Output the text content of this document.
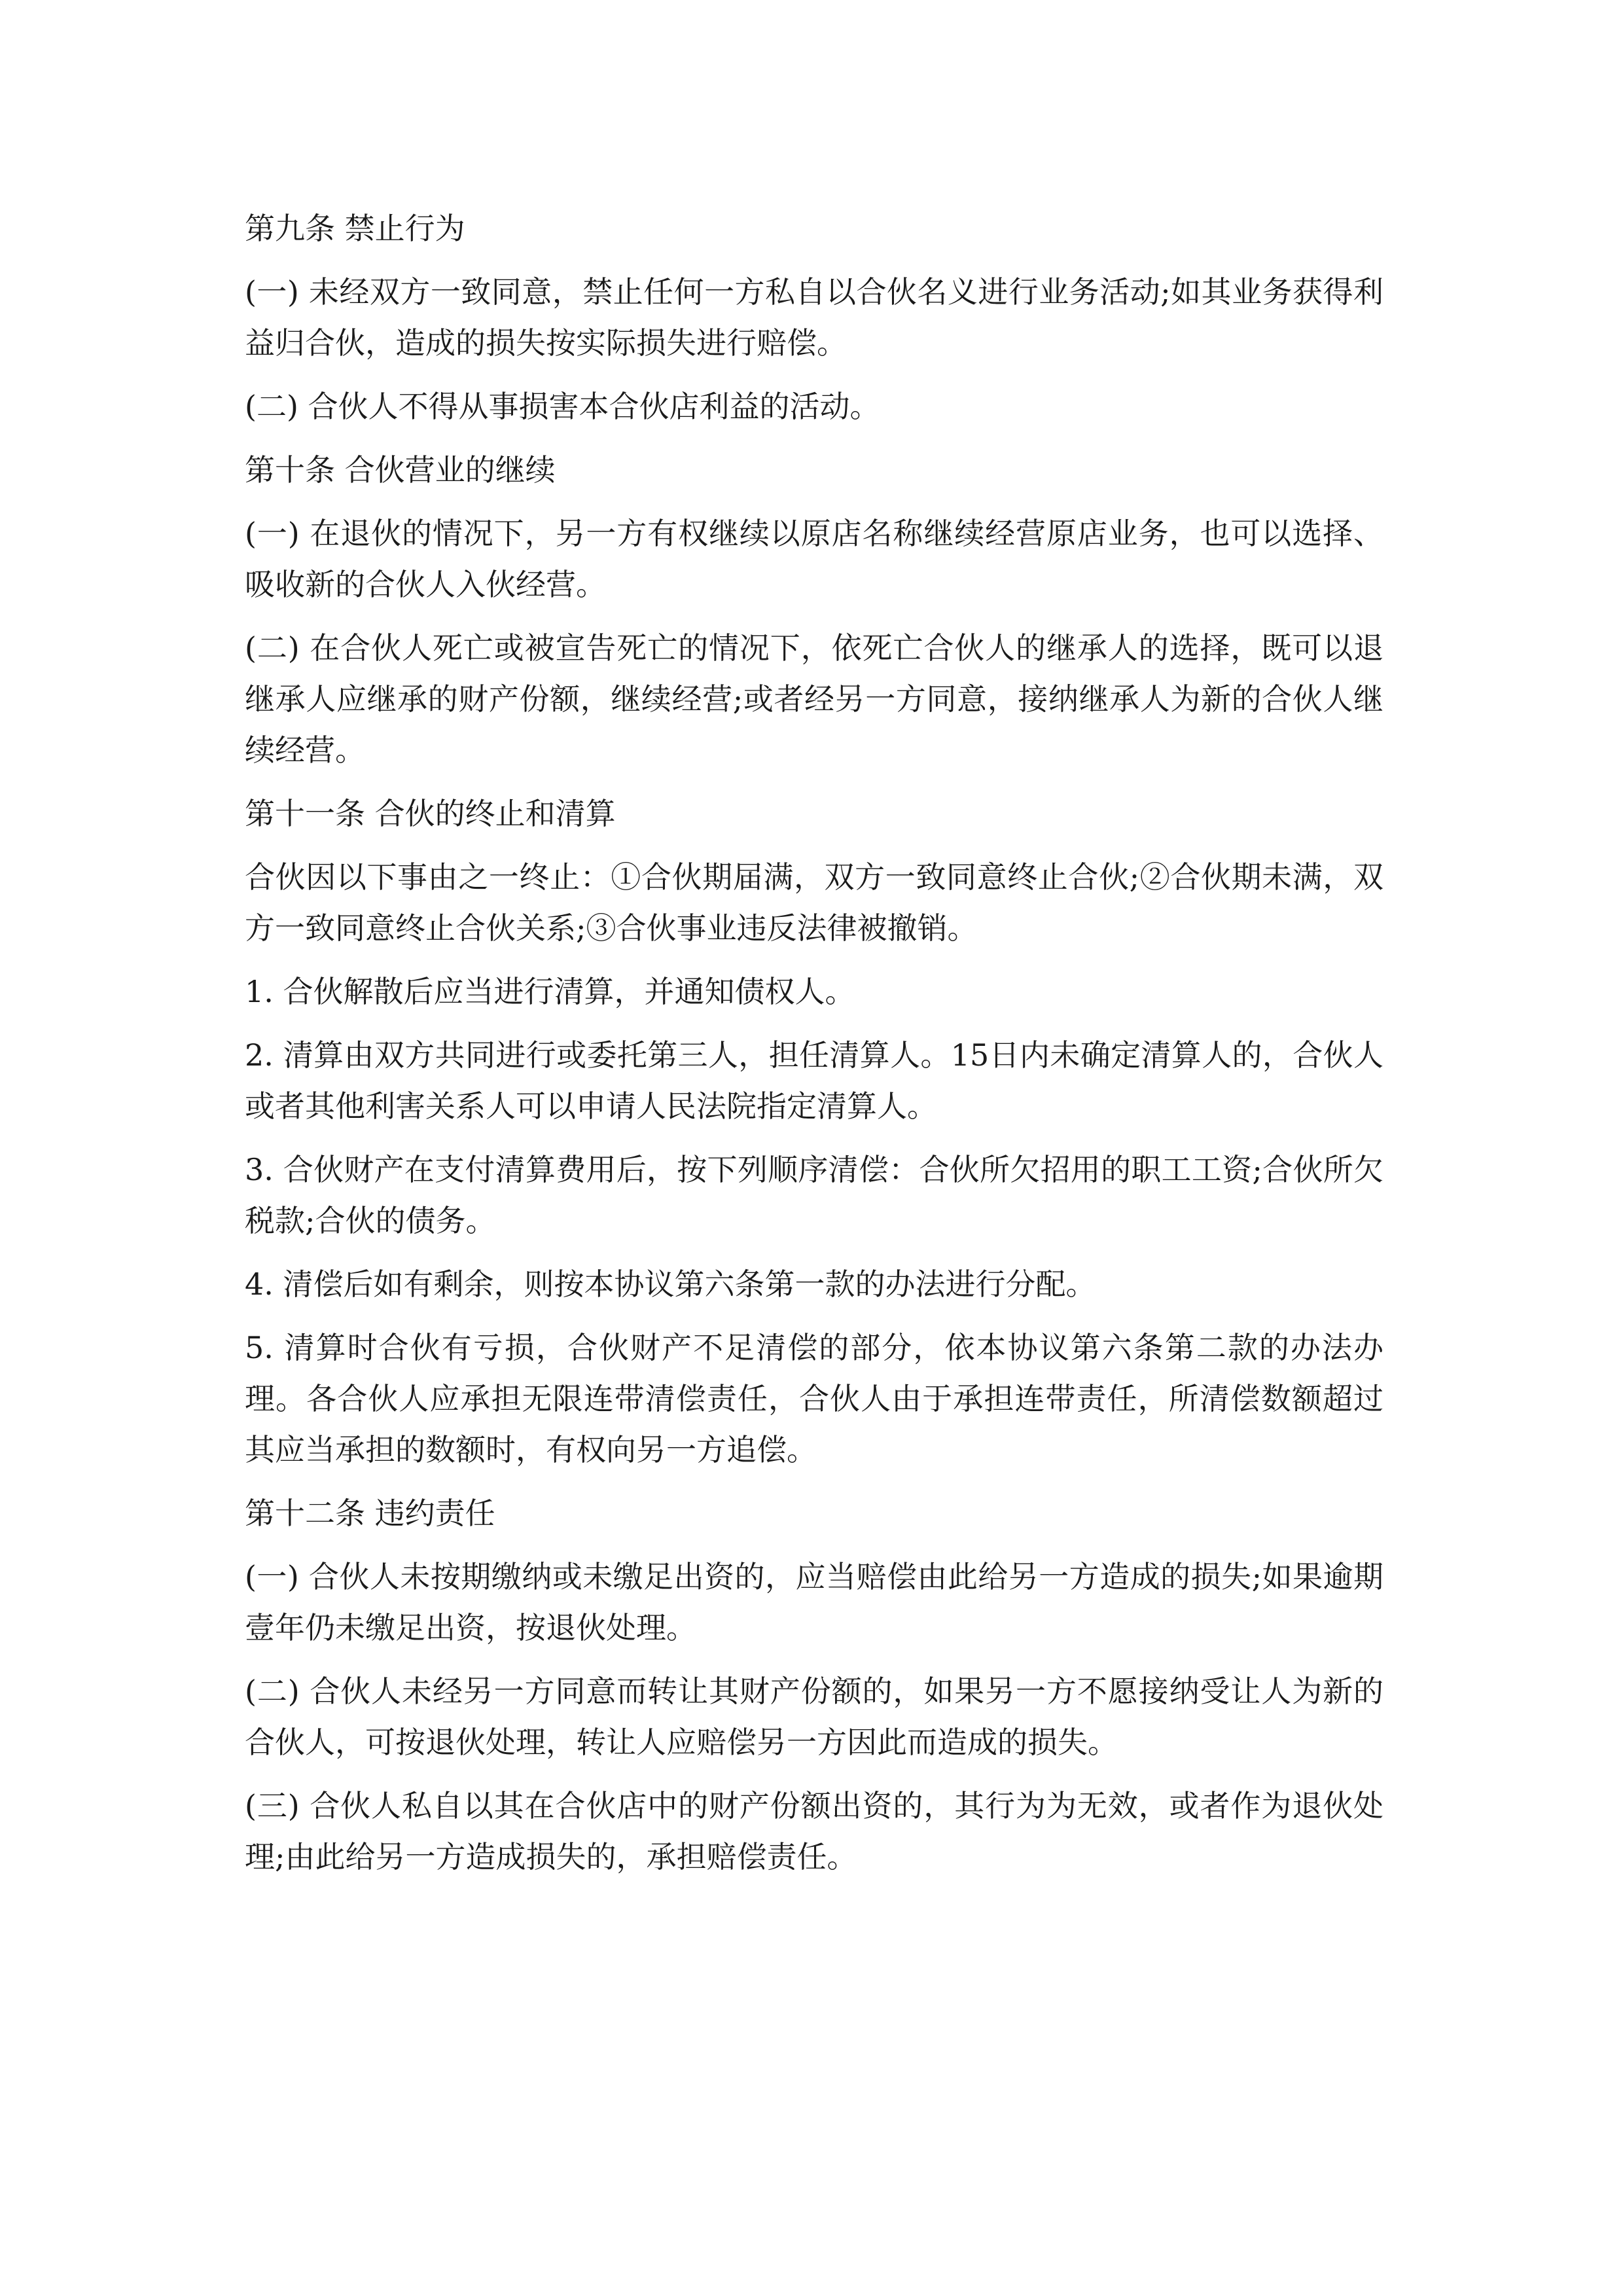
第九条 禁止行为
(一) 未经双方一致同意，禁止任何一方私自以合伙名义进行业务活动;如其业务获得利益归合伙，造成的损失按实际损失进行赔偿。
(二) 合伙人不得从事损害本合伙店利益的活动。
第十条 合伙营业的继续
(一) 在退伙的情况下，另一方有权继续以原店名称继续经营原店业务，也可以选择、吸收新的合伙人入伙经营。
(二) 在合伙人死亡或被宣告死亡的情况下，依死亡合伙人的继承人的选择，既可以退继承人应继承的财产份额，继续经营;或者经另一方同意，接纳继承人为新的合伙人继续经营。
第十一条 合伙的终止和清算
合伙因以下事由之一终止：①合伙期届满，双方一致同意终止合伙;②合伙期未满，双方一致同意终止合伙关系;③合伙事业违反法律被撤销。
1. 合伙解散后应当进行清算，并通知债权人。
2. 清算由双方共同进行或委托第三人，担任清算人。15日内未确定清算人的，合伙人或者其他利害关系人可以申请人民法院指定清算人。
3. 合伙财产在支付清算费用后，按下列顺序清偿：合伙所欠招用的职工工资;合伙所欠税款;合伙的债务。
4. 清偿后如有剩余，则按本协议第六条第一款的办法进行分配。
5. 清算时合伙有亏损，合伙财产不足清偿的部分，依本协议第六条第二款的办法办理。各合伙人应承担无限连带清偿责任，合伙人由于承担连带责任，所清偿数额超过其应当承担的数额时，有权向另一方追偿。
第十二条 违约责任
(一) 合伙人未按期缴纳或未缴足出资的，应当赔偿由此给另一方造成的损失;如果逾期壹年仍未缴足出资，按退伙处理。
(二) 合伙人未经另一方同意而转让其财产份额的，如果另一方不愿接纳受让人为新的合伙人，可按退伙处理，转让人应赔偿另一方因此而造成的损失。
(三) 合伙人私自以其在合伙店中的财产份额出资的，其行为为无效，或者作为退伙处理;由此给另一方造成损失的，承担赔偿责任。
